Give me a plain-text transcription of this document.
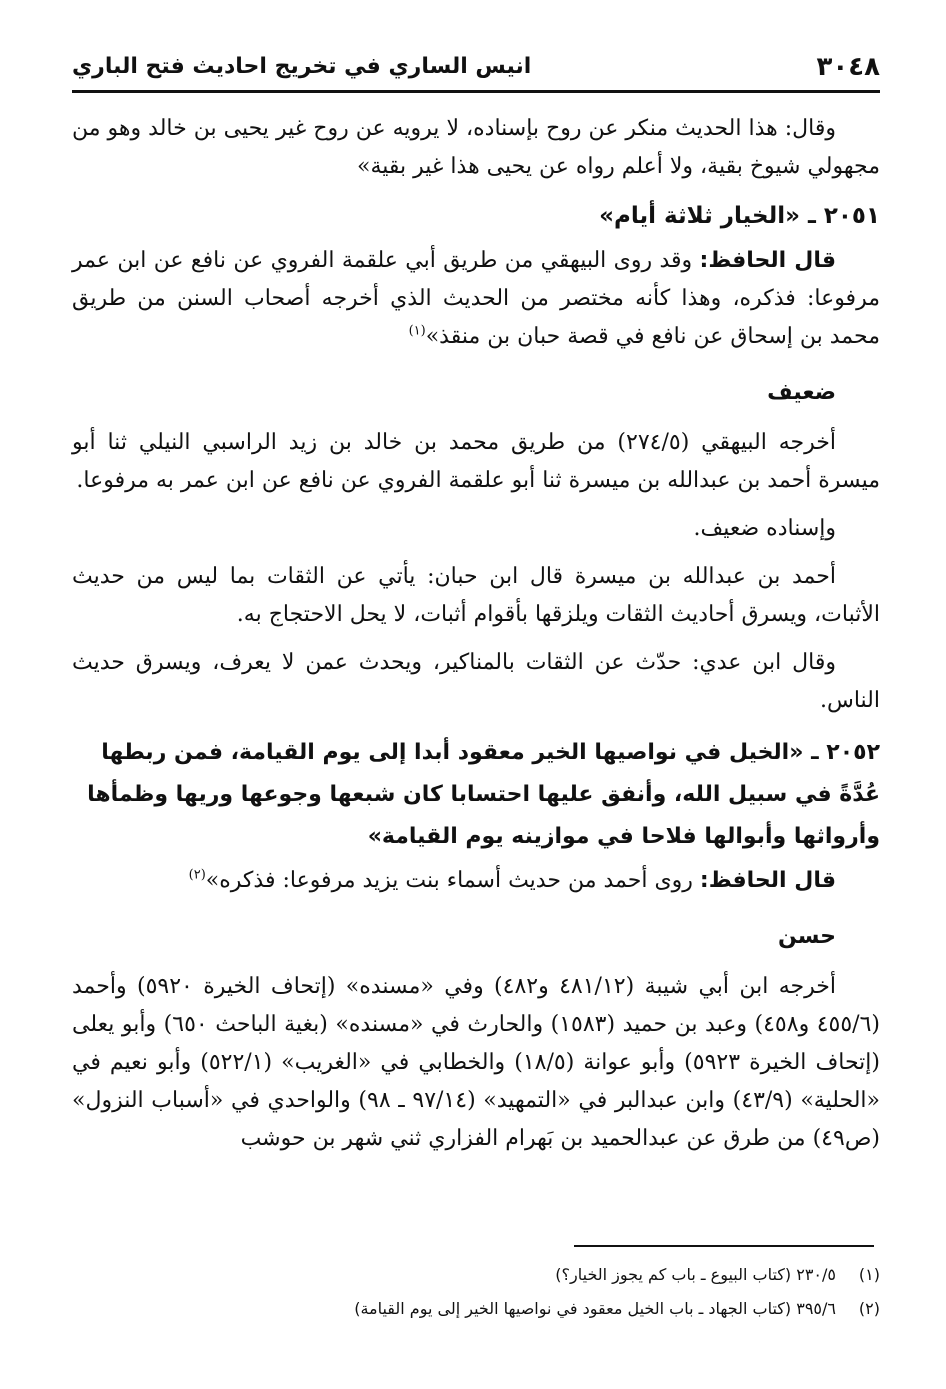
٣٠٤٨
انيس الساري في تخريج احاديث فتح الباري

وقال: هذا الحديث منكر عن روح بإسناده، لا يرويه عن روح غير يحيى بن خالد وهو من مجهولي شيوخ بقية، ولا أعلم رواه عن يحيى هذا غير بقية»

٢٠٥١ ـ «الخيار ثلاثة أيام»

قال الحافظ: وقد روى البيهقي من طريق أبي علقمة الفروي عن نافع عن ابن عمر مرفوعا: فذكره، وهذا كأنه مختصر من الحديث الذي أخرجه أصحاب السنن من طريق محمد بن إسحاق عن نافع في قصة حبان بن منقذ»$^{(١)}$

ضعيف

أخرجه البيهقي (٢٧٤/٥) من طريق محمد بن خالد بن زيد الراسبي النيلي ثنا أبو ميسرة أحمد بن عبدالله بن ميسرة ثنا أبو علقمة الفروي عن نافع عن ابن عمر به مرفوعا.

وإسناده ضعيف.

أحمد بن عبدالله بن ميسرة قال ابن حبان: يأتي عن الثقات بما ليس من حديث الأثبات، ويسرق أحاديث الثقات ويلزقها بأقوام أثبات، لا يحل الاحتجاج به.

وقال ابن عدي: حدّث عن الثقات بالمناكير، ويحدث عمن لا يعرف، ويسرق حديث الناس.

٢٠٥٢ ـ «الخيل في نواصيها الخير معقود أبدا إلى يوم القيامة، فمن ربطها عُدَّةً في سبيل الله، وأنفق عليها احتسابا كان شبعها وجوعها وريها وظمأها وأرواثها وأبوالها فلاحا في موازينه يوم القيامة»

قال الحافظ: روى أحمد من حديث أسماء بنت يزيد مرفوعا: فذكره»$^{(٢)}$

حسن

أخرجه ابن أبي شيبة (٤٨١/١٢ و٤٨٢) وفي «مسنده» (إتحاف الخيرة ٥٩٢٠) وأحمد (٤٥٥/٦ و٤٥٨) وعبد بن حميد (١٥٨٣) والحارث في «مسنده» (بغية الباحث ٦٥٠) وأبو يعلى (إتحاف الخيرة ٥٩٢٣) وأبو عوانة (١٨/٥) والخطابي في «الغريب» (٥٢٢/١) وأبو نعيم في «الحلية» (٤٣/٩) وابن عبدالبر في «التمهيد» (٩٧/١٤ ـ ٩٨) والواحدي في «أسباب النزول» (ص٤٩) من طرق عن عبدالحميد بن بَهرام الفزاري ثني شهر بن حوشب

(١)٢٣٠/٥ (كتاب البيوع ـ باب كم يجوز الخيار؟)
(٢)٣٩٥/٦ (كتاب الجهاد ـ باب الخيل معقود في نواصيها الخير إلى يوم القيامة)
